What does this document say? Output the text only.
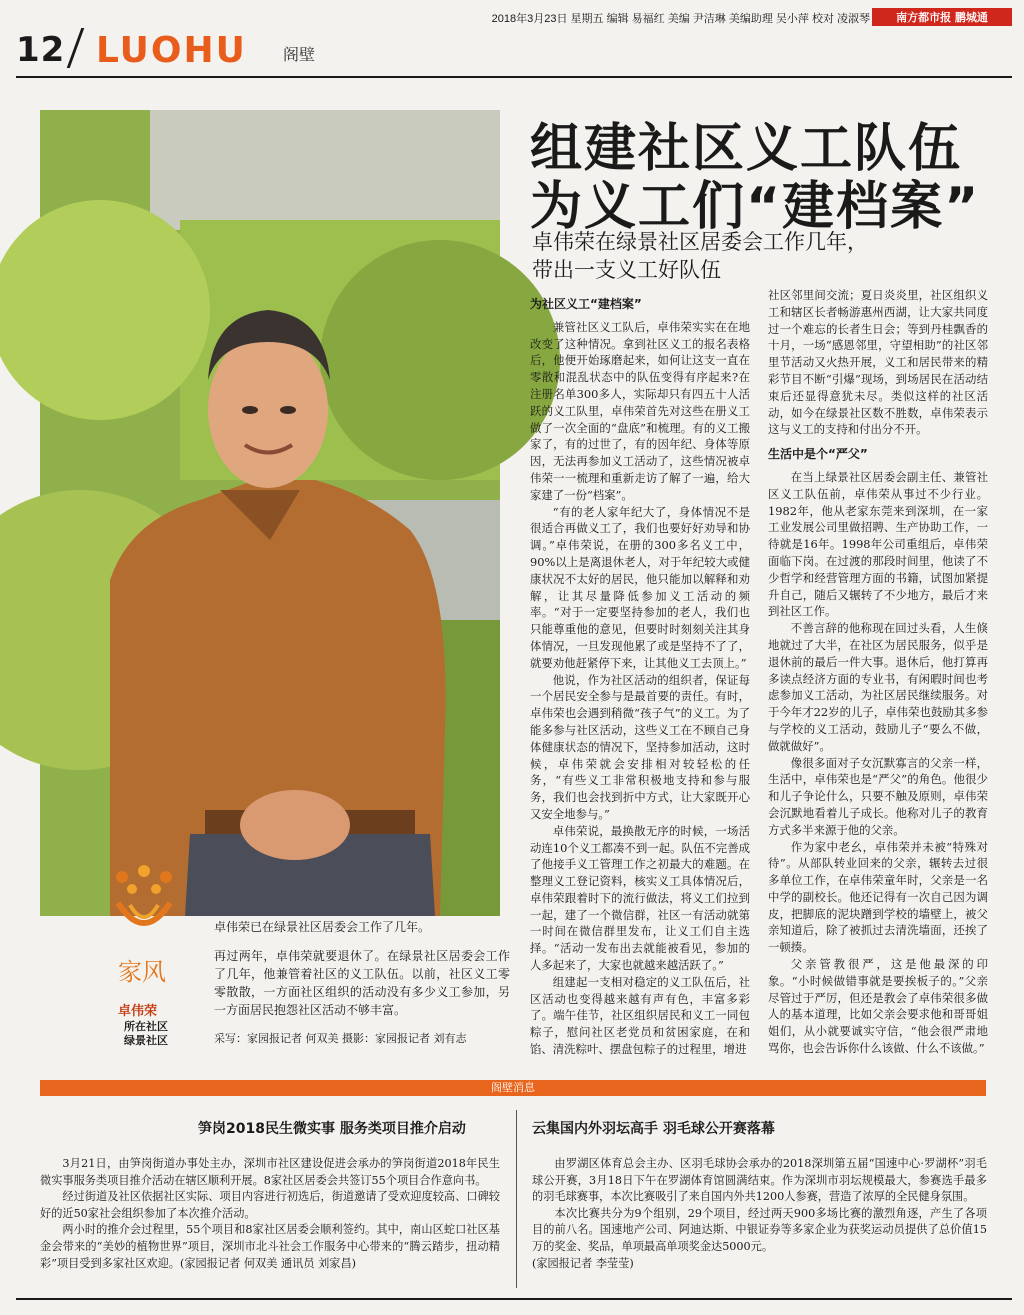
2018年3月23日 星期五 编辑 易福红 美编 尹洁琳 美编助理 吴小萍 校对 凌淑琴	南方都市报 鹏城通
12 LUOHU 阁壁
卓伟荣已在绿景社区居委会工作了几年。
家风
卓伟荣
所在社区
绿景社区
再过两年，卓伟荣就要退休了。在绿景社区居委会工作了几年，他兼管着社区的义工队伍。以前，社区义工零零散散，一方面社区组织的活动没有多少义工参加，另一方面居民抱怨社区活动不够丰富。
采写：家园报记者 何双美 摄影：家园报记者 刘有志
组建社区义工队伍
为义工们“建档案”
卓伟荣在绿景社区居委会工作几年，
带出一支义工好队伍

为社区义工“建档案”

兼管社区义工队后，卓伟荣实实在在地改变了这种情况。拿到社区义工的报名表格后，他便开始琢磨起来，如何让这支一直在零散和混乱状态中的队伍变得有序起来?在注册名单300多人，实际却只有四五十人活跃的义工队里，卓伟荣首先对这些在册义工做了一次全面的“盘底”和梳理。有的义工搬家了，有的过世了，有的因年纪、身体等原因，无法再参加义工活动了，这些情况被卓伟荣一一梳理和重新走访了解了一遍，给大家建了一份“档案”。

“有的老人家年纪大了，身体情况不是很适合再做义工了，我们也要好好劝导和协调。”卓伟荣说，在册的300多名义工中，90%以上是离退休老人，对于年纪较大或健康状况不太好的居民，他只能加以解释和劝解，让其尽量降低参加义工活动的频率。“对于一定要坚持参加的老人，我们也只能尊重他的意见，但要时时刻刻关注其身体情况，一旦发现他累了或是坚持不了了，就要劝他赶紧停下来，让其他义工去顶上。”

他说，作为社区活动的组织者，保证每一个居民安全参与是最首要的责任。有时，卓伟荣也会遇到稍微“孩子气”的义工。为了能多参与社区活动，这些义工在不顾自己身体健康状态的情况下，坚持参加活动，这时候，卓伟荣就会安排相对较轻松的任务，“有些义工非常积极地支持和参与服务，我们也会找到折中方式，让大家既开心又安全地参与。”

卓伟荣说，最换散无序的时候，一场活动连10个义工都凑不到一起。队伍不完善成了他接手义工管理工作之初最大的难题。在整理义工登记资料，核实义工具体情况后，卓伟荣跟着时下的流行做法，将义工们拉到一起，建了一个微信群，社区一有活动就第一时间在微信群里发布，让义工们自主选择。“活动一发布出去就能被看见，参加的人多起来了，大家也就越来越活跃了。”

组建起一支相对稳定的义工队伍后，社区活动也变得越来越有声有色，丰富多彩了。端午佳节，社区组织居民和义工一同包粽子，慰问社区老党员和贫困家庭，在和馅、清洗粽叶、摆盘包粽子的过程里，增进

社区邻里间交流；夏日炎炎里，社区组织义工和辖区长者畅游惠州西湖，让大家共同度过一个难忘的长者生日会；等到丹桂飘香的十月，一场“感恩邻里，守望相助”的社区邻里节活动又火热开展，义工和居民带来的精彩节目不断“引爆”现场，到场居民在活动结束后还显得意犹未尽。类似这样的社区活动，如今在绿景社区数不胜数，卓伟荣表示这与义工的支持和付出分不开。

生活中是个“严父”

在当上绿景社区居委会副主任、兼管社区义工队伍前，卓伟荣从事过不少行业。1982年，他从老家东莞来到深圳，在一家工业发展公司里做招聘、生产协助工作，一待就是16年。1998年公司重组后，卓伟荣面临下岗。在过渡的那段时间里，他读了不少哲学和经营管理方面的书籍，试图加紧提升自己，随后又辗转了不少地方，最后才来到社区工作。

不善言辞的他称现在回过头看，人生倏地就过了大半，在社区为居民服务，似乎是退休前的最后一件大事。退休后，他打算再多读点经济方面的专业书，有闲暇时间也考虑参加义工活动，为社区居民继续服务。对于今年才22岁的儿子，卓伟荣也鼓励其多参与学校的义工活动，鼓励儿子“要么不做，做就做好”。

像很多面对子女沉默寡言的父亲一样，生活中，卓伟荣也是“严父”的角色。他很少和儿子争论什么，只要不触及原则，卓伟荣会沉默地看着儿子成长。他称对儿子的教育方式多半来源于他的父亲。

作为家中老幺，卓伟荣并未被“特殊对待”。从部队转业回来的父亲，辗转去过很多单位工作，在卓伟荣童年时，父亲是一名中学的副校长。他还记得有一次自己因为调皮，把脚底的泥块蹭到学校的墙壁上，被父亲知道后，除了被抓过去清洗墙面，还挨了一顿揍。

父亲管教很严，这是他最深的印象。“小时候做错事就是要挨板子的。”父亲尽管过于严厉，但还是教会了卓伟荣很多做人的基本道理，比如父亲会要求他和哥哥姐姐们，从小就要诚实守信，“他会很严肃地骂你，也会告诉你什么该做、什么不该做。”

阁壁消息
笋岗2018民生微实事 服务类项目推介启动	云集国内外羽坛高手 羽毛球公开赛落幕

3月21日，由笋岗街道办事处主办，深圳市社区建设促进会承办的笋岗街道2018年民生微实事服务类项目推介活动在辖区顺利开展。8家社区居委会共签订55个项目合作意向书。

经过街道及社区依据社区实际、项目内容进行初选后，街道邀请了受欢迎度较高、口碑较好的近50家社会组织参加了本次推介活动。

两小时的推介会过程里，55个项目和8家社区居委会顺利签约。其中，南山区蛇口社区基金会带来的“美妙的植物世界”项目，深圳市北斗社会工作服务中心带来的“腾云踏步，扭动精彩”项目受到多家社区欢迎。(家园报记者 何双美 通讯员 刘家昌)

由罗湖区体育总会主办、区羽毛球协会承办的2018深圳第五届“国速中心·罗湖杯”羽毛球公开赛，3月18日下午在罗湖体育馆圆满结束。作为深圳市羽坛规模最大，参赛选手最多的羽毛球赛事，本次比赛吸引了来自国内外共1200人参赛，营造了浓厚的全民健身氛围。

本次比赛共分为9个组别，29个项目，经过两天900多场比赛的激烈角逐，产生了各项目的前八名。国速地产公司、阿迪达斯、中银证券等多家企业为获奖运动员提供了总价值15万的奖金、奖品，单项最高单项奖金达5000元。

(家园报记者 李莹莹)
